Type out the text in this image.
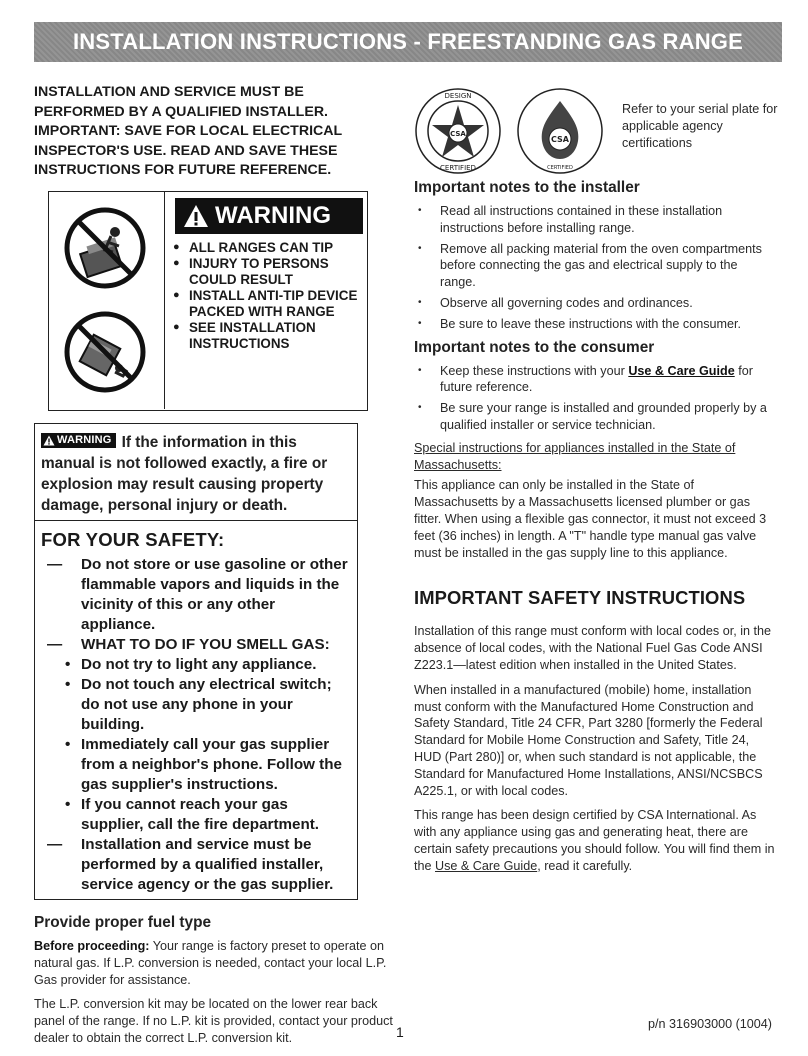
INSTALLATION INSTRUCTIONS - FREESTANDING GAS RANGE

INSTALLATION AND SERVICE MUST BE PERFORMED BY A QUALIFIED INSTALLER. IMPORTANT: SAVE FOR LOCAL ELECTRICAL INSPECTOR'S USE. READ AND SAVE THESE INSTRUCTIONS FOR FUTURE REFERENCE.

WARNING
● ALL RANGES CAN TIP
● INJURY TO PERSONS COULD RESULT
● INSTALL ANTI-TIP DEVICE PACKED WITH RANGE
● SEE INSTALLATION INSTRUCTIONS
WARNING If the information in this manual is not followed exactly, a fire or explosion may result causing property damage, personal injury or death.
FOR YOUR SAFETY:
— Do not store or use gasoline or other flammable vapors and liquids in the vicinity of this or any other appliance.
— WHAT TO DO IF YOU SMELL GAS:
• Do not try to light any appliance.
• Do not touch any electrical switch; do not use any phone in your building.
• Immediately call your gas supplier from a neighbor's phone. Follow the gas supplier's instructions.
• If you cannot reach your gas supplier, call the fire department.
— Installation and service must be performed by a qualified installer, service agency or the gas supplier.
Provide proper fuel type

Before proceeding: Your range is factory preset to operate on natural gas. If L.P. conversion is needed, contact your local L.P. Gas provider for assistance.

The L.P. conversion kit may be located on the lower rear back panel of the range. If no L.P. kit is provided, contact your product dealer to obtain the correct L.P. conversion kit.

CSA
DESIGN
CERTIFIED
CSA
CERTIFIED
Refer to your serial plate for applicable agency certifications
Important notes to the installer
• Read all instructions contained in these installation instructions before installing range.
• Remove all packing material from the oven compartments before connecting the gas and electrical supply to the range.
• Observe all governing codes and ordinances.
• Be sure to leave these instructions with the consumer.
Important notes to the consumer
• Keep these instructions with your Use & Care Guide for future reference.
• Be sure your range is installed and grounded properly by a qualified installer or service technician.

Special instructions for appliances installed in the State of Massachusetts:

This appliance can only be installed in the State of Massachusetts by a Massachusetts licensed plumber or gas fitter. When using a flexible gas connector, it must not exceed 3 feet (36 inches) in length. A "T" handle type manual gas valve must be installed in the gas supply line to this appliance.

IMPORTANT SAFETY INSTRUCTIONS

Installation of this range must conform with local codes or, in the absence of local codes, with the National Fuel Gas Code ANSI Z223.1—latest edition when installed in the United States.

When installed in a manufactured (mobile) home, installation must conform with the Manufactured Home Construction and Safety Standard, Title 24 CFR, Part 3280 [formerly the Federal Standard for Mobile Home Construction and Safety, Title 24, HUD (Part 280)] or, when such standard is not applicable, the Standard for Manufactured Home Installations, ANSI/NCSBCS A225.1, or with local codes.

This range has been design certified by CSA International. As with any appliance using gas and generating heat, there are certain safety precautions you should follow. You will find them in the Use & Care Guide, read it carefully.

1	p/n 316903000 (1004)
